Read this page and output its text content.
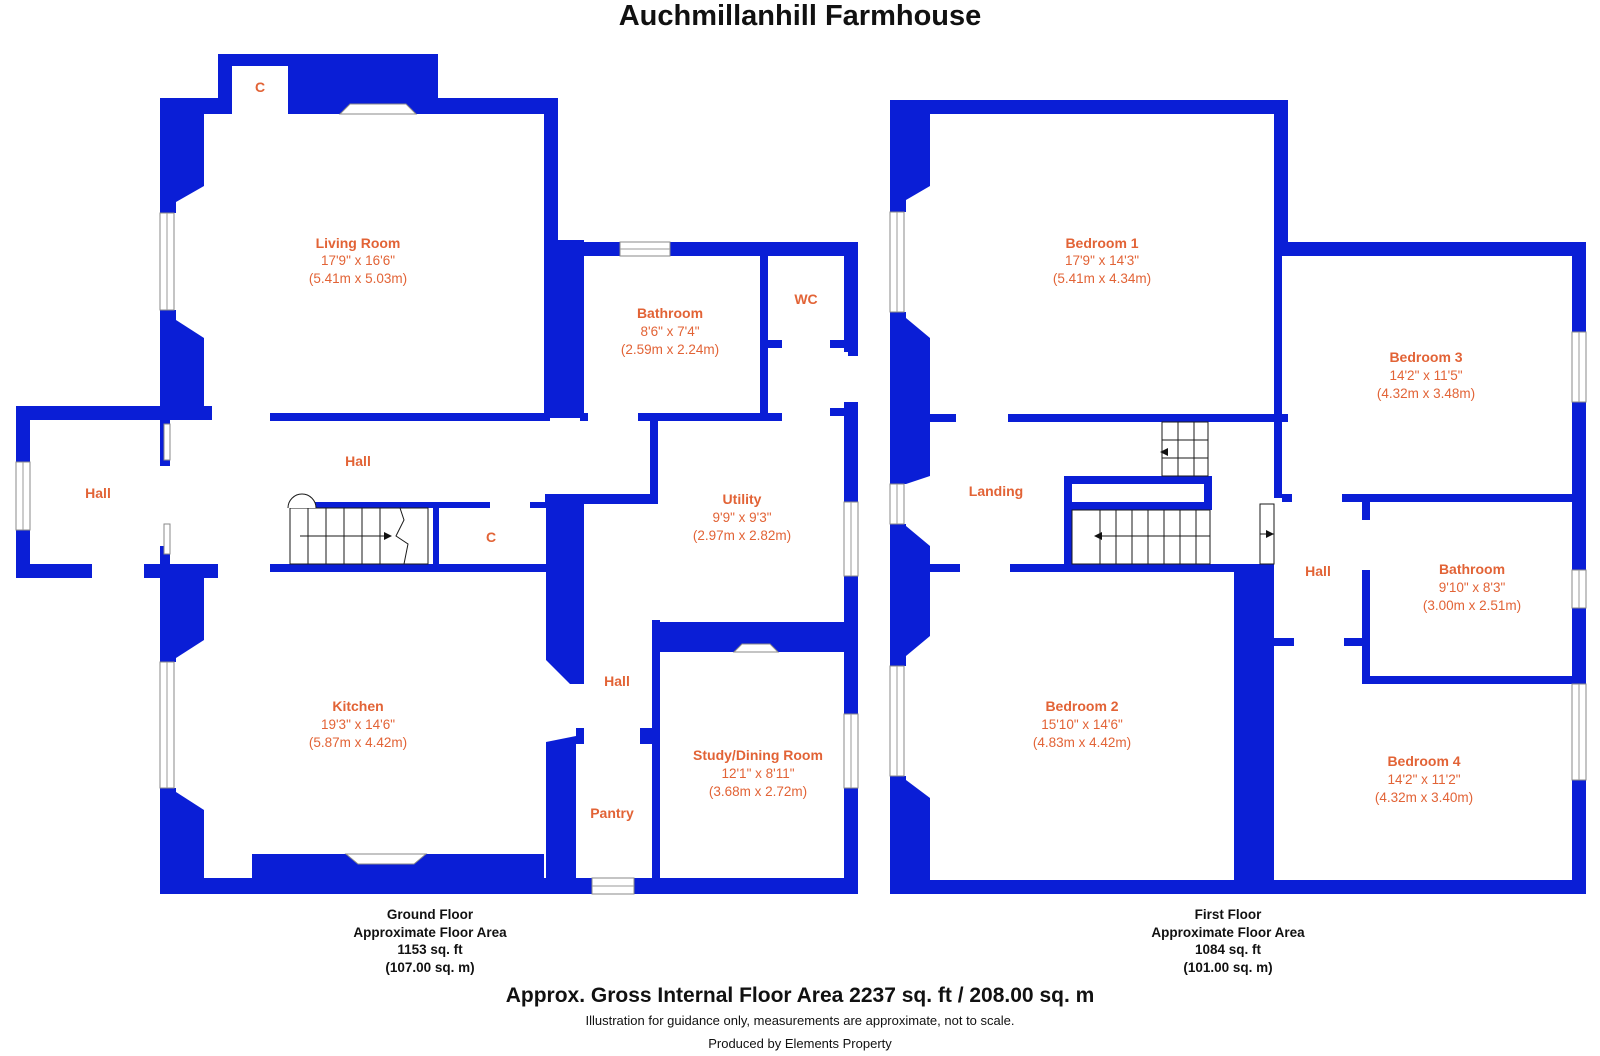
Auchmillanhill Farmhouse
Living Room
17'9" x 16'6"
(5.41m x 5.03m)
C
Bathroom
8'6" x 7'4"
(2.59m x 2.24m)
WC
Hall
Hall
C
Utility
9'9" x 9'3"
(2.97m x 2.82m)
Hall
Kitchen
19'3" x 14'6"
(5.87m x 4.42m)
Study/Dining Room
12'1" x 8'11"
(3.68m x 2.72m)
Pantry
Bedroom 1
17'9" x 14'3"
(5.41m x 4.34m)
Bedroom 3
14'2" x 11'5"
(4.32m x 3.48m)
Landing
Hall	Bathroom
9'10" x 8'3"
(3.00m x 2.51m)
Bedroom 2
15'10" x 14'6"
(4.83m x 4.42m)
Bedroom 4
14'2" x 11'2"
(4.32m x 3.40m)
Ground Floor
Approximate Floor Area
1153 sq. ft
(107.00 sq. m)
First Floor
Approximate Floor Area
1084 sq. ft
(101.00 sq. m)
Approx. Gross Internal Floor Area 2237 sq. ft / 208.00 sq. m
Illustration for guidance only, measurements are approximate, not to scale.
Produced by Elements Property
